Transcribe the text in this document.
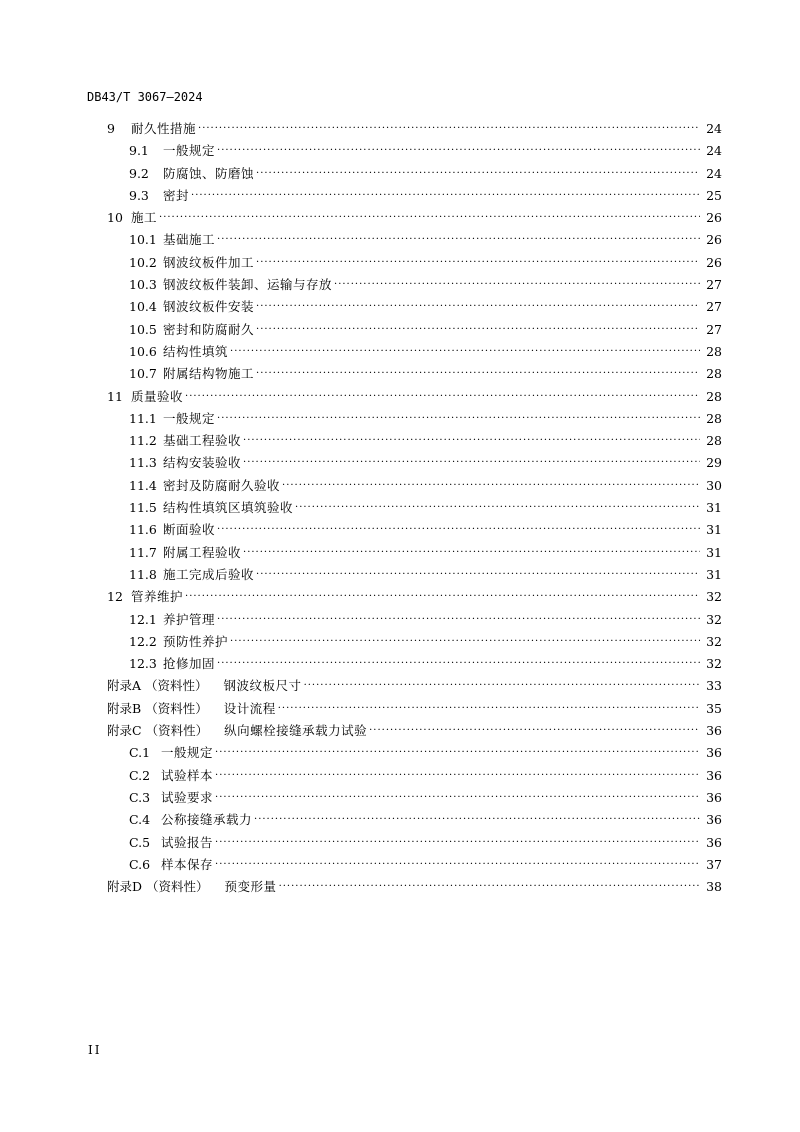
DB43/T 3067—2024
9	耐久性措施 ·····	24
9.1	一般规定 ·····	24
9.2	防腐蚀、防磨蚀 ·····	24
9.3	密封 ·····	25
10 施工 ·····	26
10.1 基础施工 ·····	26
10.2 钢波纹板件加工 ·····	26
10.3 钢波纹板件装卸、运输与存放 ·····	27
10.4 钢波纹板件安装 ·····	27
10.5 密封和防腐耐久 ·····	27
10.6 结构性填筑 ·····	28
10.7 附属结构物施工 ·····	28
11 质量验收 ·····	28
11.1 一般规定 ·····	28
11.2 基础工程验收 ·····	28
11.3 结构安装验收 ·····	29
11.4 密封及防腐耐久验收 ·····	30
11.5 结构性填筑区填筑验收 ·····	31
11.6 断面验收 ·····	31
11.7 附属工程验收 ·····	31
11.8 施工完成后验收 ·····	31
12 管养维护 ·····	32
12.1 养护管理 ·····	32
12.2 预防性养护 ·····	32
12.3 抢修加固 ·····	32
附录A （资料性） 钢波纹板尺寸 ·····	33
附录B （资料性） 设计流程 ·····	35
附录C （资料性） 纵向螺栓接缝承载力试验 ·····	36
C.1 一般规定 ·····	36
C.2 试验样本 ·····	36
C.3 试验要求 ·····	36
C.4 公称接缝承载力 ·····	36
C.5 试验报告 ·····	36
C.6 样本保存 ·····	37
附录D （资料性） 预变形量 ·····	38
II
